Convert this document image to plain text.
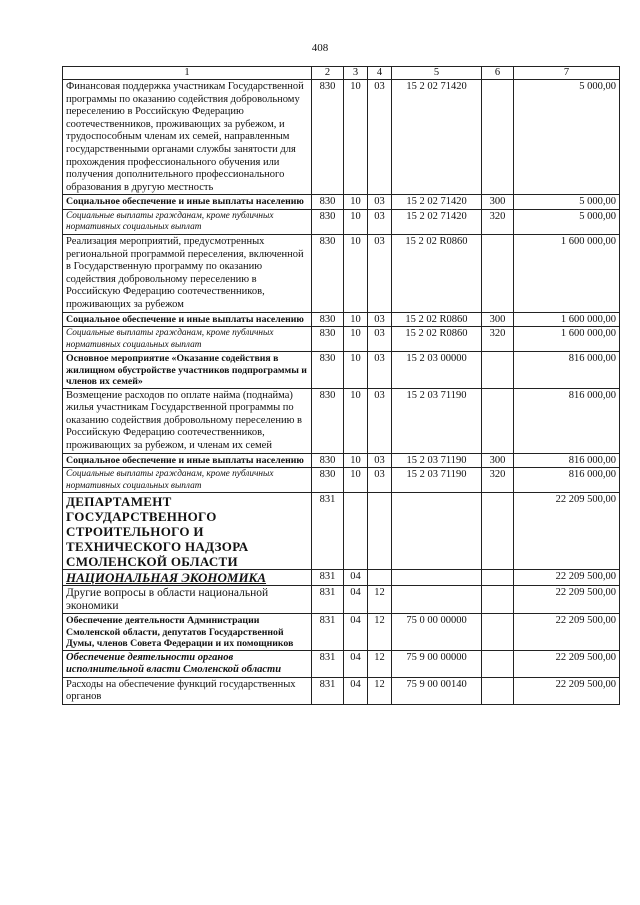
408
1	2	3	4	5	6	7
Финансовая поддержка участникам Государственной программы по оказанию содействия добровольному переселению в Российскую Федерацию соотечественников, проживающих за рубежом, и трудоспособным членам их семей, направленным государственными органами службы занятости для прохождения профессионального обучения или получения дополнительного профессионального образования в другую местность	830	10	03	15 2 02 71420		5 000,00
Социальное обеспечение и иные выплаты населению	830	10	03	15 2 02 71420	300	5 000,00
Социальные выплаты гражданам, кроме публичных нормативных социальных выплат	830	10	03	15 2 02 71420	320	5 000,00
Реализация мероприятий, предусмотренных региональной программой переселения, включенной в Государственную программу по оказанию содействия добровольному переселению в Российскую Федерацию соотечественников, проживающих за рубежом	830	10	03	15 2 02 R0860		1 600 000,00
Социальное обеспечение и иные выплаты населению	830	10	03	15 2 02 R0860	300	1 600 000,00
Социальные выплаты гражданам, кроме публичных нормативных социальных выплат	830	10	03	15 2 02 R0860	320	1 600 000,00
Основное мероприятие «Оказание содействия в жилищном обустройстве участников подпрограммы и членов их семей»	830	10	03	15 2 03 00000		816 000,00
Возмещение расходов по оплате найма (поднайма) жилья участникам Государственной программы по оказанию содействия добровольному переселению в Российскую Федерацию соотечественников, проживающих за рубежом, и членам их семей	830	10	03	15 2 03 71190		816 000,00
Социальное обеспечение и иные выплаты населению	830	10	03	15 2 03 71190	300	816 000,00
Социальные выплаты гражданам, кроме публичных нормативных социальных выплат	830	10	03	15 2 03 71190	320	816 000,00
ДЕПАРТАМЕНТ ГОСУДАРСТВЕННОГО СТРОИТЕЛЬНОГО И ТЕХНИЧЕСКОГО НАДЗОРА СМОЛЕНСКОЙ ОБЛАСТИ	831					22 209 500,00
НАЦИОНАЛЬНАЯ ЭКОНОМИКА	831	04				22 209 500,00
Другие вопросы в области национальной экономики	831	04	12			22 209 500,00
Обеспечение деятельности Администрации Смоленской области, депутатов Государственной Думы, членов Совета Федерации и их помощников	831	04	12	75 0 00 00000		22 209 500,00
Обеспечение деятельности органов исполнительной власти Смоленской области	831	04	12	75 9 00 00000		22 209 500,00
Расходы на обеспечение функций государственных органов	831	04	12	75 9 00 00140		22 209 500,00
